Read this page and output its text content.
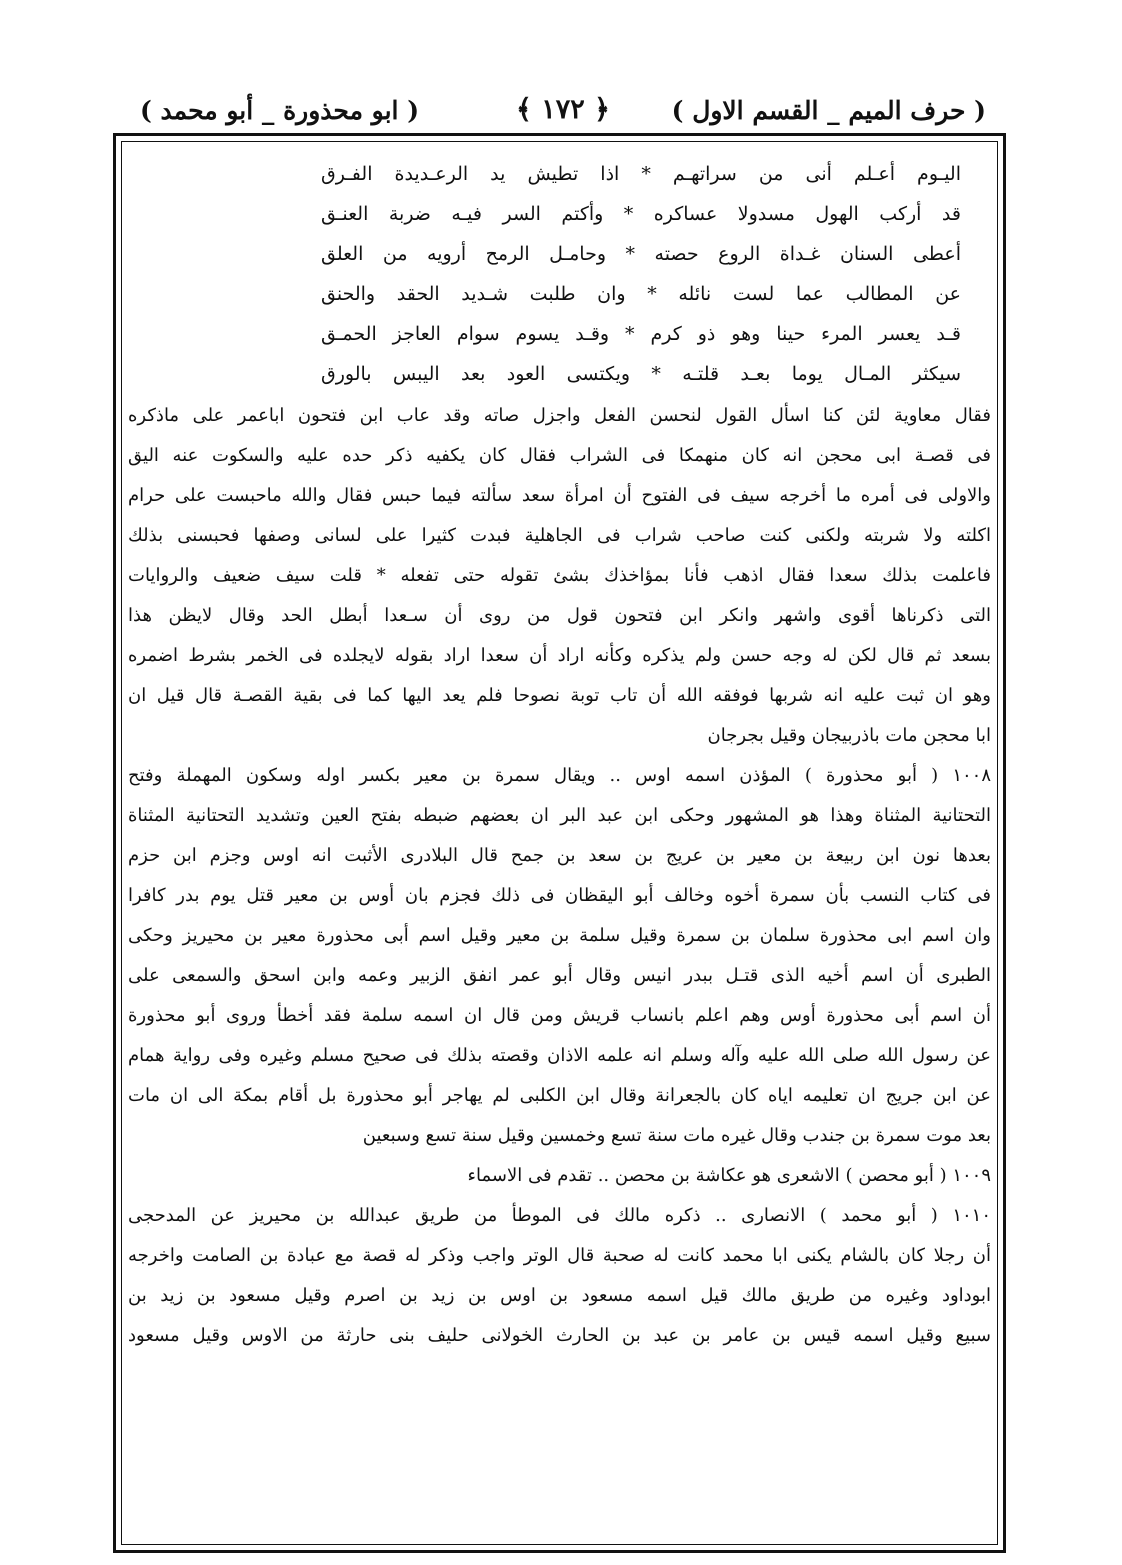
( حرف الميم _ القسم الاول )
﴿ ١٧٢ ﴾
( ابو محذورة _ أبو محمد )
اليـوم أعـلم أنى من سراتهـم * اذا تطيش يد الرعـديدة الفـرق
قد أركب الهول مسدولا عساكره * وأكتم السر فيـه ضربة العنـق
أعطى السنان غـداة الروع حصته * وحامـل الرمح أرويه من العلق
عن المطالب عما لست نائله * وان طلبت شـديد الحقد والحنق
قـد يعسر المرء حينا وهو ذو كرم * وقـد يسوم سوام العاجز الحمـق
سيكثر المـال يوما بعـد قلتـه * ويكتسى العود بعد اليبس بالورق
فقال معاوية لئن كنا اسأل القول لنحسن الفعل واجزل صاته وقد عاب ابن فتحون اباعمر على ماذكره
فى قصـة ابى محجن انه كان منهمكا فى الشراب فقال كان يكفيه ذكر حده عليه والسكوت عنه اليق
والاولى فى أمره ما أخرجه سيف فى الفتوح أن امرأة سعد سألته فيما حبس فقال والله ماحبست على حرام
اكلته ولا شربته ولكنى كنت صاحب شراب فى الجاهلية فبدت كثيرا على لسانى وصفها فحبسنى بذلك
فاعلمت بذلك سعدا فقال اذهب فأنا بمؤاخذك بشئ تقوله حتى تفعله * قلت سيف ضعيف والروايات
التى ذكرناها أقوى واشهر وانكر ابن فتحون قول من روى أن سـعدا أبطل الحد وقال لايظن هذا
بسعد ثم قال لكن له وجه حسن ولم يذكره وكأنه اراد أن سعدا اراد بقوله لايجلده فى الخمر بشرط اضمره
وهو ان ثبت عليه انه شربها فوفقه الله أن تاب توبة نصوحا فلم يعد اليها كما فى بقية القصـة قال قيل ان
ابا محجن مات باذربيجان وقيل بجرجان
١٠٠٨ ( أبو محذورة ) المؤذن اسمه اوس .. ويقال سمرة بن معير بكسر اوله وسكون المهملة وفتح
التحتانية المثناة وهذا هو المشهور وحكى ابن عبد البر ان بعضهم ضبطه بفتح العين وتشديد التحتانية المثناة
بعدها نون ابن ربيعة بن معير بن عريج بن سعد بن جمح قال البلادرى الأثبت انه اوس وجزم ابن حزم
فى كتاب النسب بأن سمرة أخوه وخالف أبو اليقظان فى ذلك فجزم بان أوس بن معير قتل يوم بدر كافرا
وان اسم ابى محذورة سلمان بن سمرة وقيل سلمة بن معير وقيل اسم أبى محذورة معير بن محيريز وحكى
الطبرى أن اسم أخيه الذى قتـل ببدر انيس وقال أبو عمر انفق الزبير وعمه وابن اسحق والسمعى على
أن اسم أبى محذورة أوس وهم اعلم بانساب قريش ومن قال ان اسمه سلمة فقد أخطأ وروى أبو محذورة
عن رسول الله صلى الله عليه وآله وسلم انه علمه الاذان وقصته بذلك فى صحيح مسلم وغيره وفى رواية همام
عن ابن جريج ان تعليمه اياه كان بالجعرانة وقال ابن الكلبى لم يهاجر أبو محذورة بل أقام بمكة الى ان مات
بعد موت سمرة بن جندب وقال غيره مات سنة تسع وخمسين وقيل سنة تسع وسبعين
١٠٠٩ ( أبو محصن ) الاشعرى هو عكاشة بن محصن .. تقدم فى الاسماء
١٠١٠ ( أبو محمد ) الانصارى .. ذكره مالك فى الموطأ من طريق عبدالله بن محيريز عن المدحجى
أن رجلا كان بالشام يكنى ابا محمد كانت له صحبة قال الوتر واجب وذكر له قصة مع عبادة بن الصامت واخرجه
ابوداود وغيره من طريق مالك قيل اسمه مسعود بن اوس بن زيد بن اصرم وقيل مسعود بن زيد بن
سبيع وقيل اسمه قيس بن عامر بن عبد بن الحارث الخولانى حليف بنى حارثة من الاوس وقيل مسعود
